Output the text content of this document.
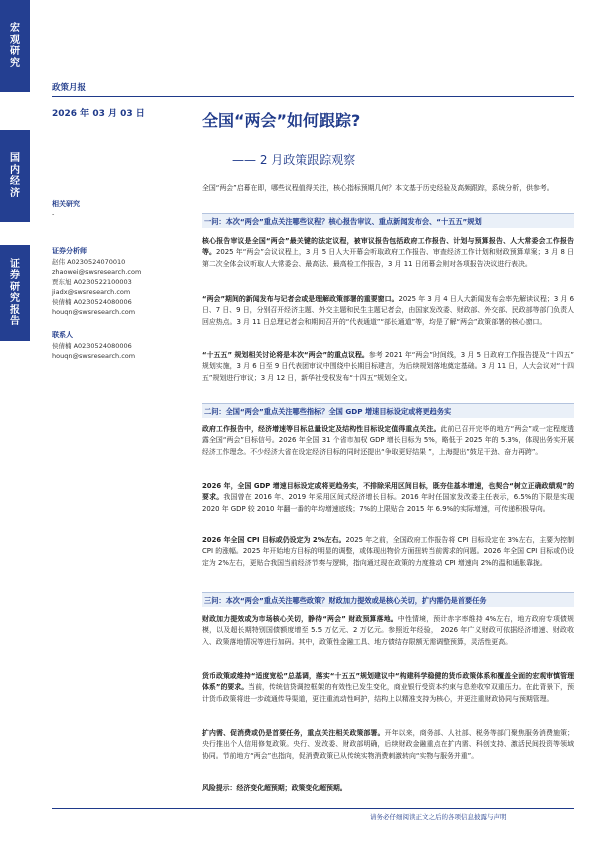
宏
观
研
究
国
内
经
济
证
券
研
究
报
告
政策月报
2026 年 03 月 03 日	全国“两会”如何跟踪?
—— 2 月政策跟踪观察
相关研究
-
证券分析师
赵伟 A0230524070010
zhaowei@swsresearch.com
贾东旭 A0230522100003
jiadx@swsresearch.com
侯倩楠 A0230524080006
houqn@swsresearch.com
联系人
侯倩楠 A0230524080006
houqn@swsresearch.com

全国“两会”启幕在即，哪些议程值得关注，核心指标预期几何？本文基于历史经验及高频跟踪，系统分析，供参考。

一问：本次“两会”重点关注哪些议程？核心报告审议、重点新闻发布会、“十五五”规划

核心报告审议是全国“两会”最关键的法定议程，被审议报告包括政府工作报告、计划与预算报告、人大常委会工作报告等。2025 年“两会”会议议程上，3 月 5 日人大开幕会听取政府工作报告、审查经济工作计划和财政预算草案；3 月 8 日第二次全体会议听取人大常委会、最高法、最高检工作报告，3 月 11 日闭幕会则对各项报告决议进行表决。

“两会”期间的新闻发布与记者会或是理解政策部署的重要窗口。2025 年 3 月 4 日人大新闻发布会率先解读议程；3 月 6 日、7 日、9 日，分别召开经济主题、外交主题和民生主题记者会，由国家发改委、财政部、外交部、民政部等部门负责人回应热点。3 月 11 日总理记者会和期间召开的“代表通道”“部长通道”等，均是了解“两会”政策部署的核心窗口。

“十五五” 规划相关讨论将是本次“两会”的重点议程。参考 2021 年“两会”时间线，3 月 5 日政府工作报告提及“十四五” 规划实施，3 月 6 日至 9 日代表团审议中围绕中长期目标建言，为后续规划落地奠定基础。3 月 11 日，人大会议对“十四五”规划进行审议；3 月 12 日，新华社受权发布“十四五”规划全文。

二问：全国“两会”重点关注哪些指标？全国 GDP 增速目标设定或将更趋务实

政府工作报告中，经济增速等目标总量设定及结构性目标设定值得重点关注。此前已召开完毕的地方“两会”或一定程度透露全国“两会”目标信号。2026 年全国 31 个省市加权 GDP 增长目标为 5%，略低于 2025 年的 5.3%，体现出务实开展经济工作理念。不少经济大省在设定经济目标的同时还提出“争取更好结果 ”，上海提出”鼓足干劲、奋力再跨”。

2026 年，全国 GDP 增速目标设定或将更趋务实，不排除采用区间目标，既夯住基本增速，也契合“树立正确政绩观”的要求。我国曾在 2016 年、2019 年采用区间式经济增长目标。2016 年时任国家发改委主任表示，6.5%的下限是实现 2020 年 GDP 较 2010 年翻一番的年均增速底线；7%的上限贴合 2015 年 6.9%的实际增速，可传递积极导向。

2026 年全国 CPI 目标或仍设定为 2%左右。2025 年之前，全国政府工作报告将 CPI 目标设定在 3%左右，主要为控制 CPI 的涨幅。2025 年开始地方目标的明显的调整，或体现出物价方面扭转当前需求的问题。2026 年全国 CPI 目标或仍设定为 2%左右，更贴合我国当前经济节奏与逻辑，指向通过现在政策的力度推动 CPI 增速向 2%的温和通胀靠拢。

三问：本次“两会”重点关注哪些政策？财政加力提效或是核心关切，扩内需仍是首要任务

财政加力提效或为市场核心关切，静待“两会” 财政预算落地。中性情境，预计赤字率维持 4%左右，地方政府专项债规模，以及超长期特别国债额度增至 5.5 万亿元、2 万亿元。参照近年经验， 2026 年广义财政可依据经济增速、财政收入、政策落地情况等进行加码。其中，政策性金融工具、地方债结存限额无需调整预算，灵活性更高。

货币政策或维持“适度宽松”总基调，落实“十五五”规划建议中“构建科学稳健的货币政策体系和覆盖全面的宏观审慎管理体系”的要求。当前，传统信贷调控框架的有效性已发生变化，商业银行受资本约束与息差收窄双重压力。在此背景下，预计货币政策将进一步疏通传导渠道，更注重流动性呵护，结构上以精准支持为核心，并更注重财政协同与预期管理。

扩内需、促消费或仍是首要任务，重点关注相关政策部署。开年以来，商务部、人社部、税务等部门聚焦服务消费施策；央行推出个人信用修复政策。央行、发改委、财政部明确，后续财政金融重点在扩内需、科创支持、激活民间投资等领域协同。节前地方“两会”也指向，促消费政策已从传统实物消费刺激转向“实物与服务并重”。

风险提示：经济变化超预期；政策变化超预期。

请务必仔细阅读正文之后的各项信息披露与声明
